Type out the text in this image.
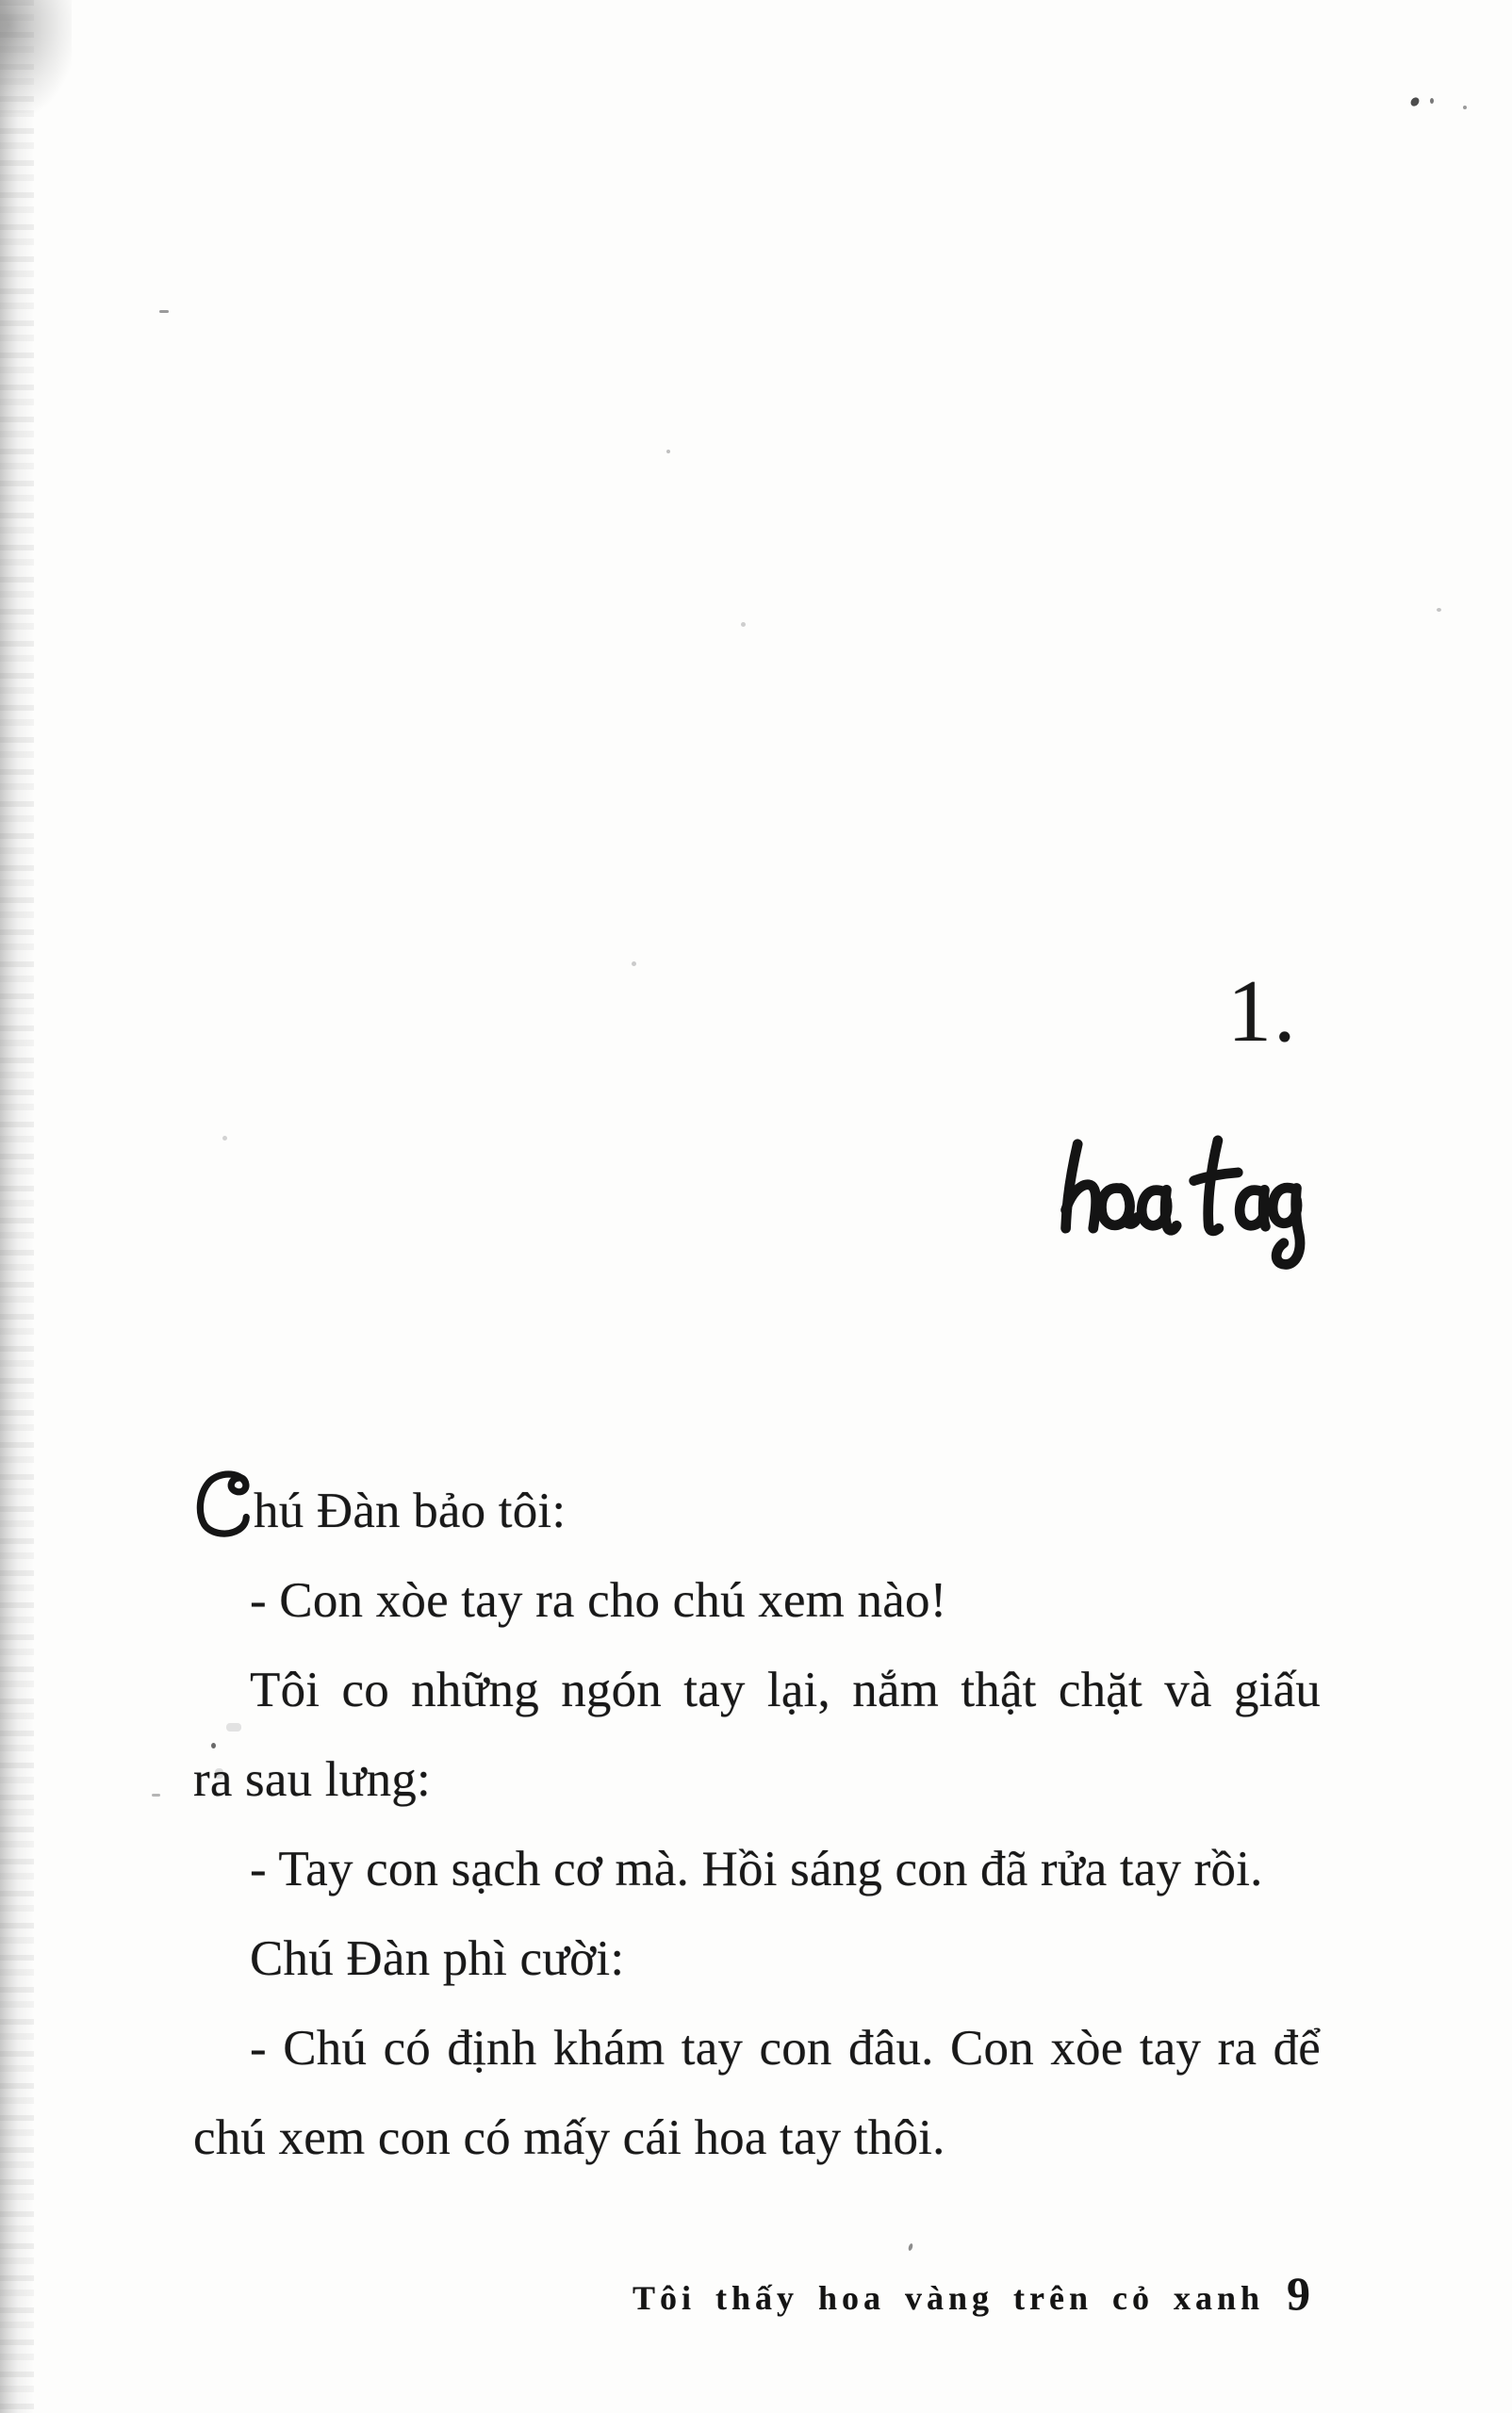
1.
hú Đàn bảo tôi:
- Con xòe tay ra cho chú xem nào!
Tôi co những ngón tay lại, nắm thật chặt và giấu
ra sau lưng:
- Tay con sạch cơ mà. Hồi sáng con đã rửa tay rồi.
Chú Đàn phì cười:
- Chú có định khám tay con đâu. Con xòe tay ra để
chú xem con có mấy cái hoa tay thôi.
Tôi thấy hoa vàng trên cỏ xanh 9
